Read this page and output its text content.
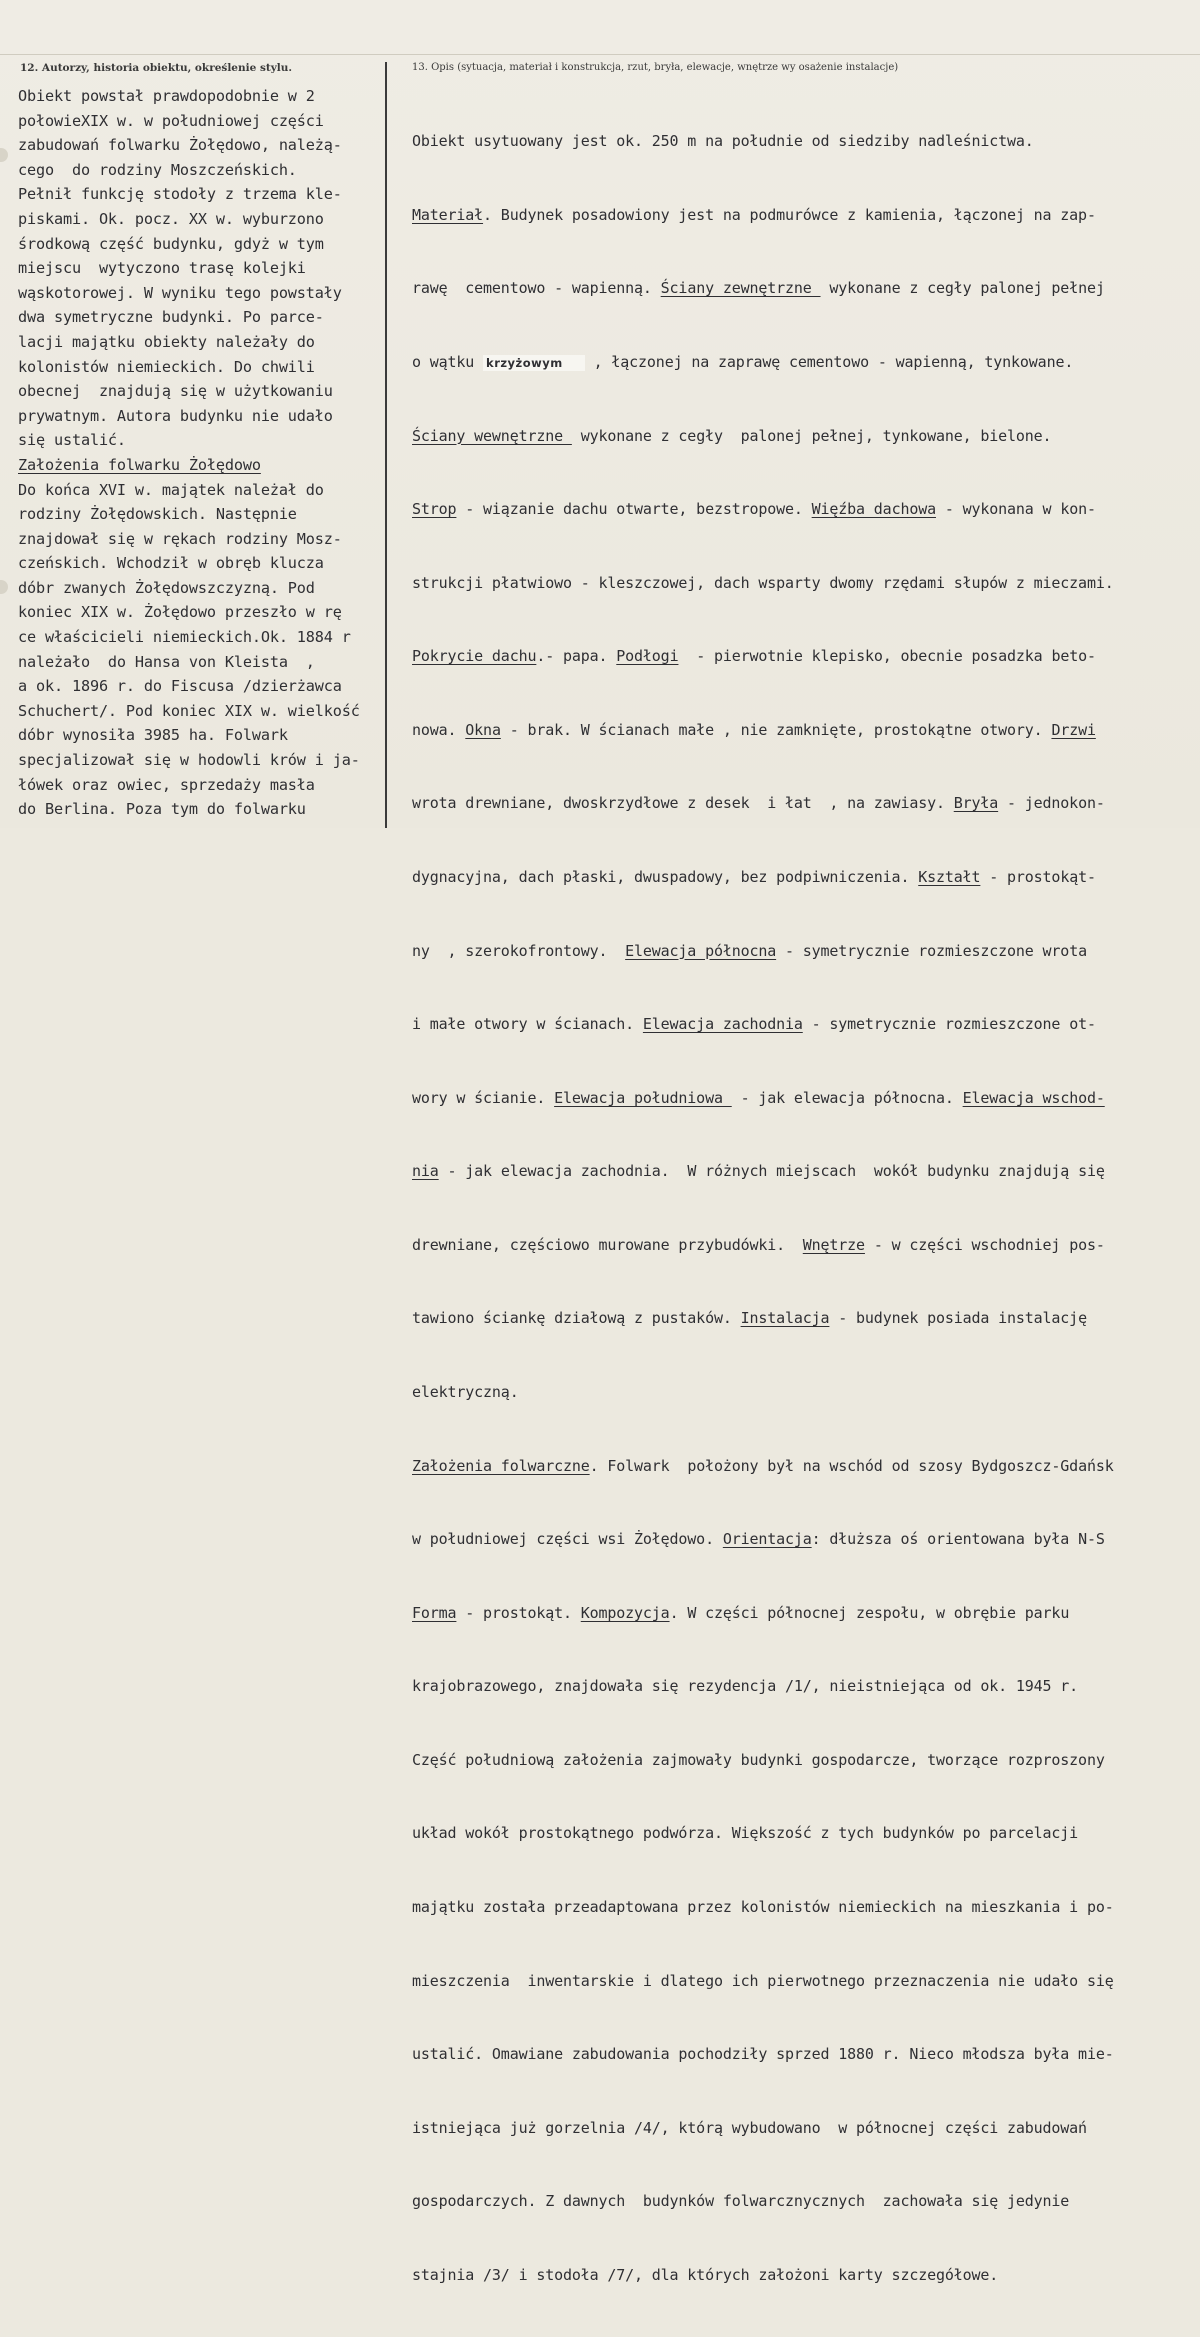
12. Autorzy, historia obiektu, określenie stylu.	13. Opis (sytuacja, materiał i konstrukcja, rzut, bryła, elewacje, wnętrze wy osażenie instalacje)
Obiekt powstał prawdopodobnie w 2
połowieXIX w. w południowej części
zabudowań folwarku Żołędowo, należą-
cego  do rodziny Moszczeńskich.
Pełnił funkcję stodoły z trzema kle-
piskami. Ok. pocz. XX w. wyburzono
środkową część budynku, gdyż w tym
miejscu  wytyczono trasę kolejki
wąskotorowej. W wyniku tego powstały
dwa symetryczne budynki. Po parce-
lacji majątku obiekty należały do
kolonistów niemieckich. Do chwili
obecnej  znajdują się w użytkowaniu
prywatnym. Autora budynku nie udało
się ustalić.
Założenia folwarku Żołędowo
Do końca XVI w. majątek należał do
rodziny Żołędowskich. Następnie
znajdował się w rękach rodziny Mosz-
czeńskich. Wchodził w obręb klucza
dóbr zwanych Żołędowszczyzną. Pod
koniec XIX w. Żołędowo przeszło w rę
ce właścicieli niemieckich.Ok. 1884 r
należało  do Hansa von Kleista  ,
a ok. 1896 r. do Fiscusa /dzierżawca
Schuchert/. Pod koniec XIX w. wielkość
dóbr wynosiła 3985 ha. Folwark
specjalizował się w hodowli krów i ja-
łówek oraz owiec, sprzedaży masła
do Berlina. Poza tym do folwarku

Obiekt usytuowany jest ok. 250 m na południe od siedziby nadleśnictwa.

Materiał. Budynek posadowiony jest na podmurówce z kamienia, łączonej na zap-

rawę  cementowo - wapienną. Ściany zewnętrzne  wykonane z cegły palonej pełnej

o wątku krzyżowym , łączonej na zaprawę cementowo - wapienną, tynkowane.

Ściany wewnętrzne  wykonane z cegły  palonej pełnej, tynkowane, bielone.

Strop - wiązanie dachu otwarte, bezstropowe. Więźba dachowa - wykonana w kon-

strukcji płatwiowo - kleszczowej, dach wsparty dwomy rzędami słupów z mieczami.

Pokrycie dachu.- papa. Podłogi  - pierwotnie klepisko, obecnie posadzka beto-

nowa. Okna - brak. W ścianach małe , nie zamknięte, prostokątne otwory. Drzwi

wrota drewniane, dwoskrzydłowe z desek  i łat  , na zawiasy. Bryła - jednokon-

dygnacyjna, dach płaski, dwuspadowy, bez podpiwniczenia. Kształt - prostokąt-

ny  , szerokofrontowy.  Elewacja północna - symetrycznie rozmieszczone wrota

i małe otwory w ścianach. Elewacja zachodnia - symetrycznie rozmieszczone ot-

wory w ścianie. Elewacja południowa  - jak elewacja północna. Elewacja wschod-

nia - jak elewacja zachodnia.  W różnych miejscach  wokół budynku znajdują się

drewniane, częściowo murowane przybudówki.  Wnętrze - w części wschodniej pos-

tawiono ściankę działową z pustaków. Instalacja - budynek posiada instalację

elektryczną.

Założenia folwarczne. Folwark  położony był na wschód od szosy Bydgoszcz-Gdańsk

w południowej części wsi Żołędowo. Orientacja: dłuższa oś orientowana była N-S

Forma - prostokąt. Kompozycja. W części północnej zespołu, w obrębie parku

krajobrazowego, znajdowała się rezydencja /1/, nieistniejąca od ok. 1945 r.

Część południową założenia zajmowały budynki gospodarcze, tworzące rozproszony

układ wokół prostokątnego podwórza. Większość z tych budynków po parcelacji

majątku została przeadaptowana przez kolonistów niemieckich na mieszkania i po-

mieszczenia  inwentarskie i dlatego ich pierwotnego przeznaczenia nie udało się

ustalić. Omawiane zabudowania pochodziły sprzed 1880 r. Nieco młodsza była mie-

istniejąca już gorzelnia /4/, którą wybudowano  w północnej części zabudowań

gospodarczych. Z dawnych  budynków folwarcznycznych  zachowała się jedynie

stajnia /3/ i stodoła /7/, dla których założoni karty szczegółowe.
